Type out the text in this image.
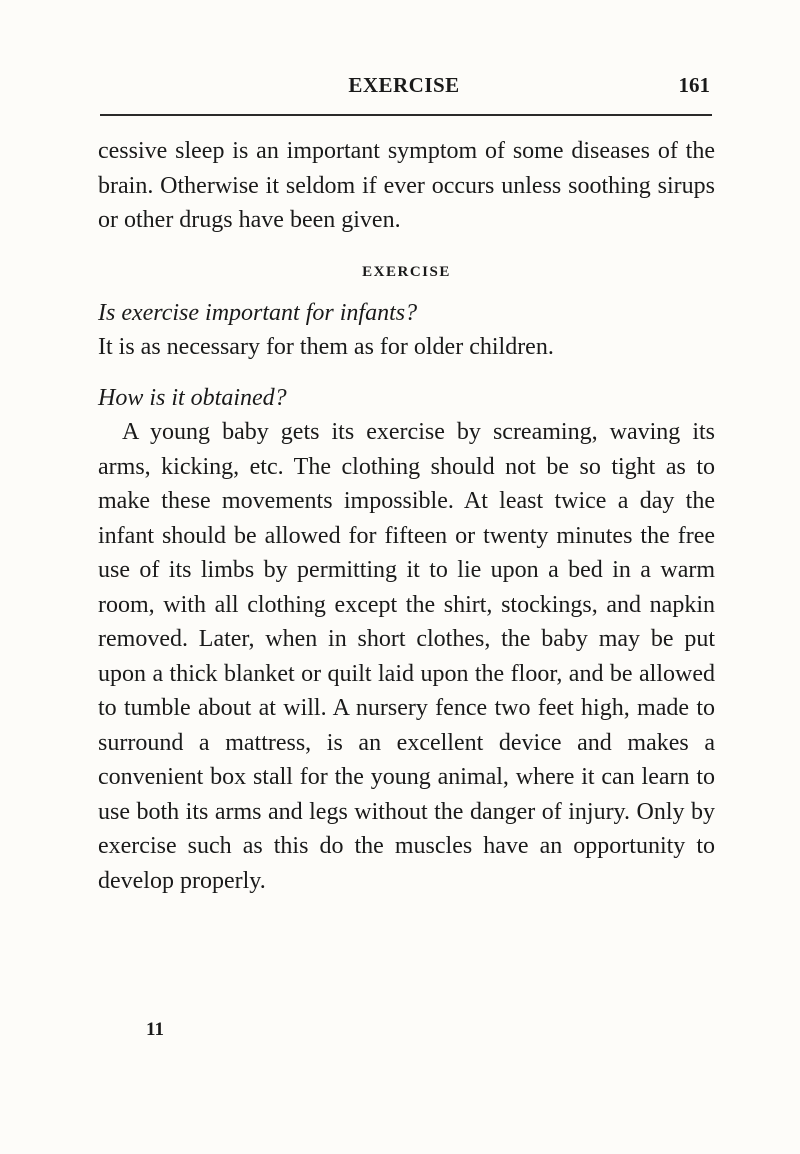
EXERCISE	161

cessive sleep is an important symptom of some diseases of the brain. Otherwise it seldom if ever occurs unless soothing sirups or other drugs have been given.

EXERCISE

Is exercise important for infants?

It is as necessary for them as for older children.

How is it obtained?

A young baby gets its exercise by screaming, waving its arms, kicking, etc. The clothing should not be so tight as to make these movements impossible. At least twice a day the infant should be allowed for fifteen or twenty minutes the free use of its limbs by permitting it to lie upon a bed in a warm room, with all clothing except the shirt, stockings, and napkin removed. Later, when in short clothes, the baby may be put upon a thick blanket or quilt laid upon the floor, and be allowed to tumble about at will. A nursery fence two feet high, made to surround a mattress, is an excellent device and makes a convenient box stall for the young animal, where it can learn to use both its arms and legs without the danger of injury. Only by exercise such as this do the muscles have an opportunity to develop properly.

11
